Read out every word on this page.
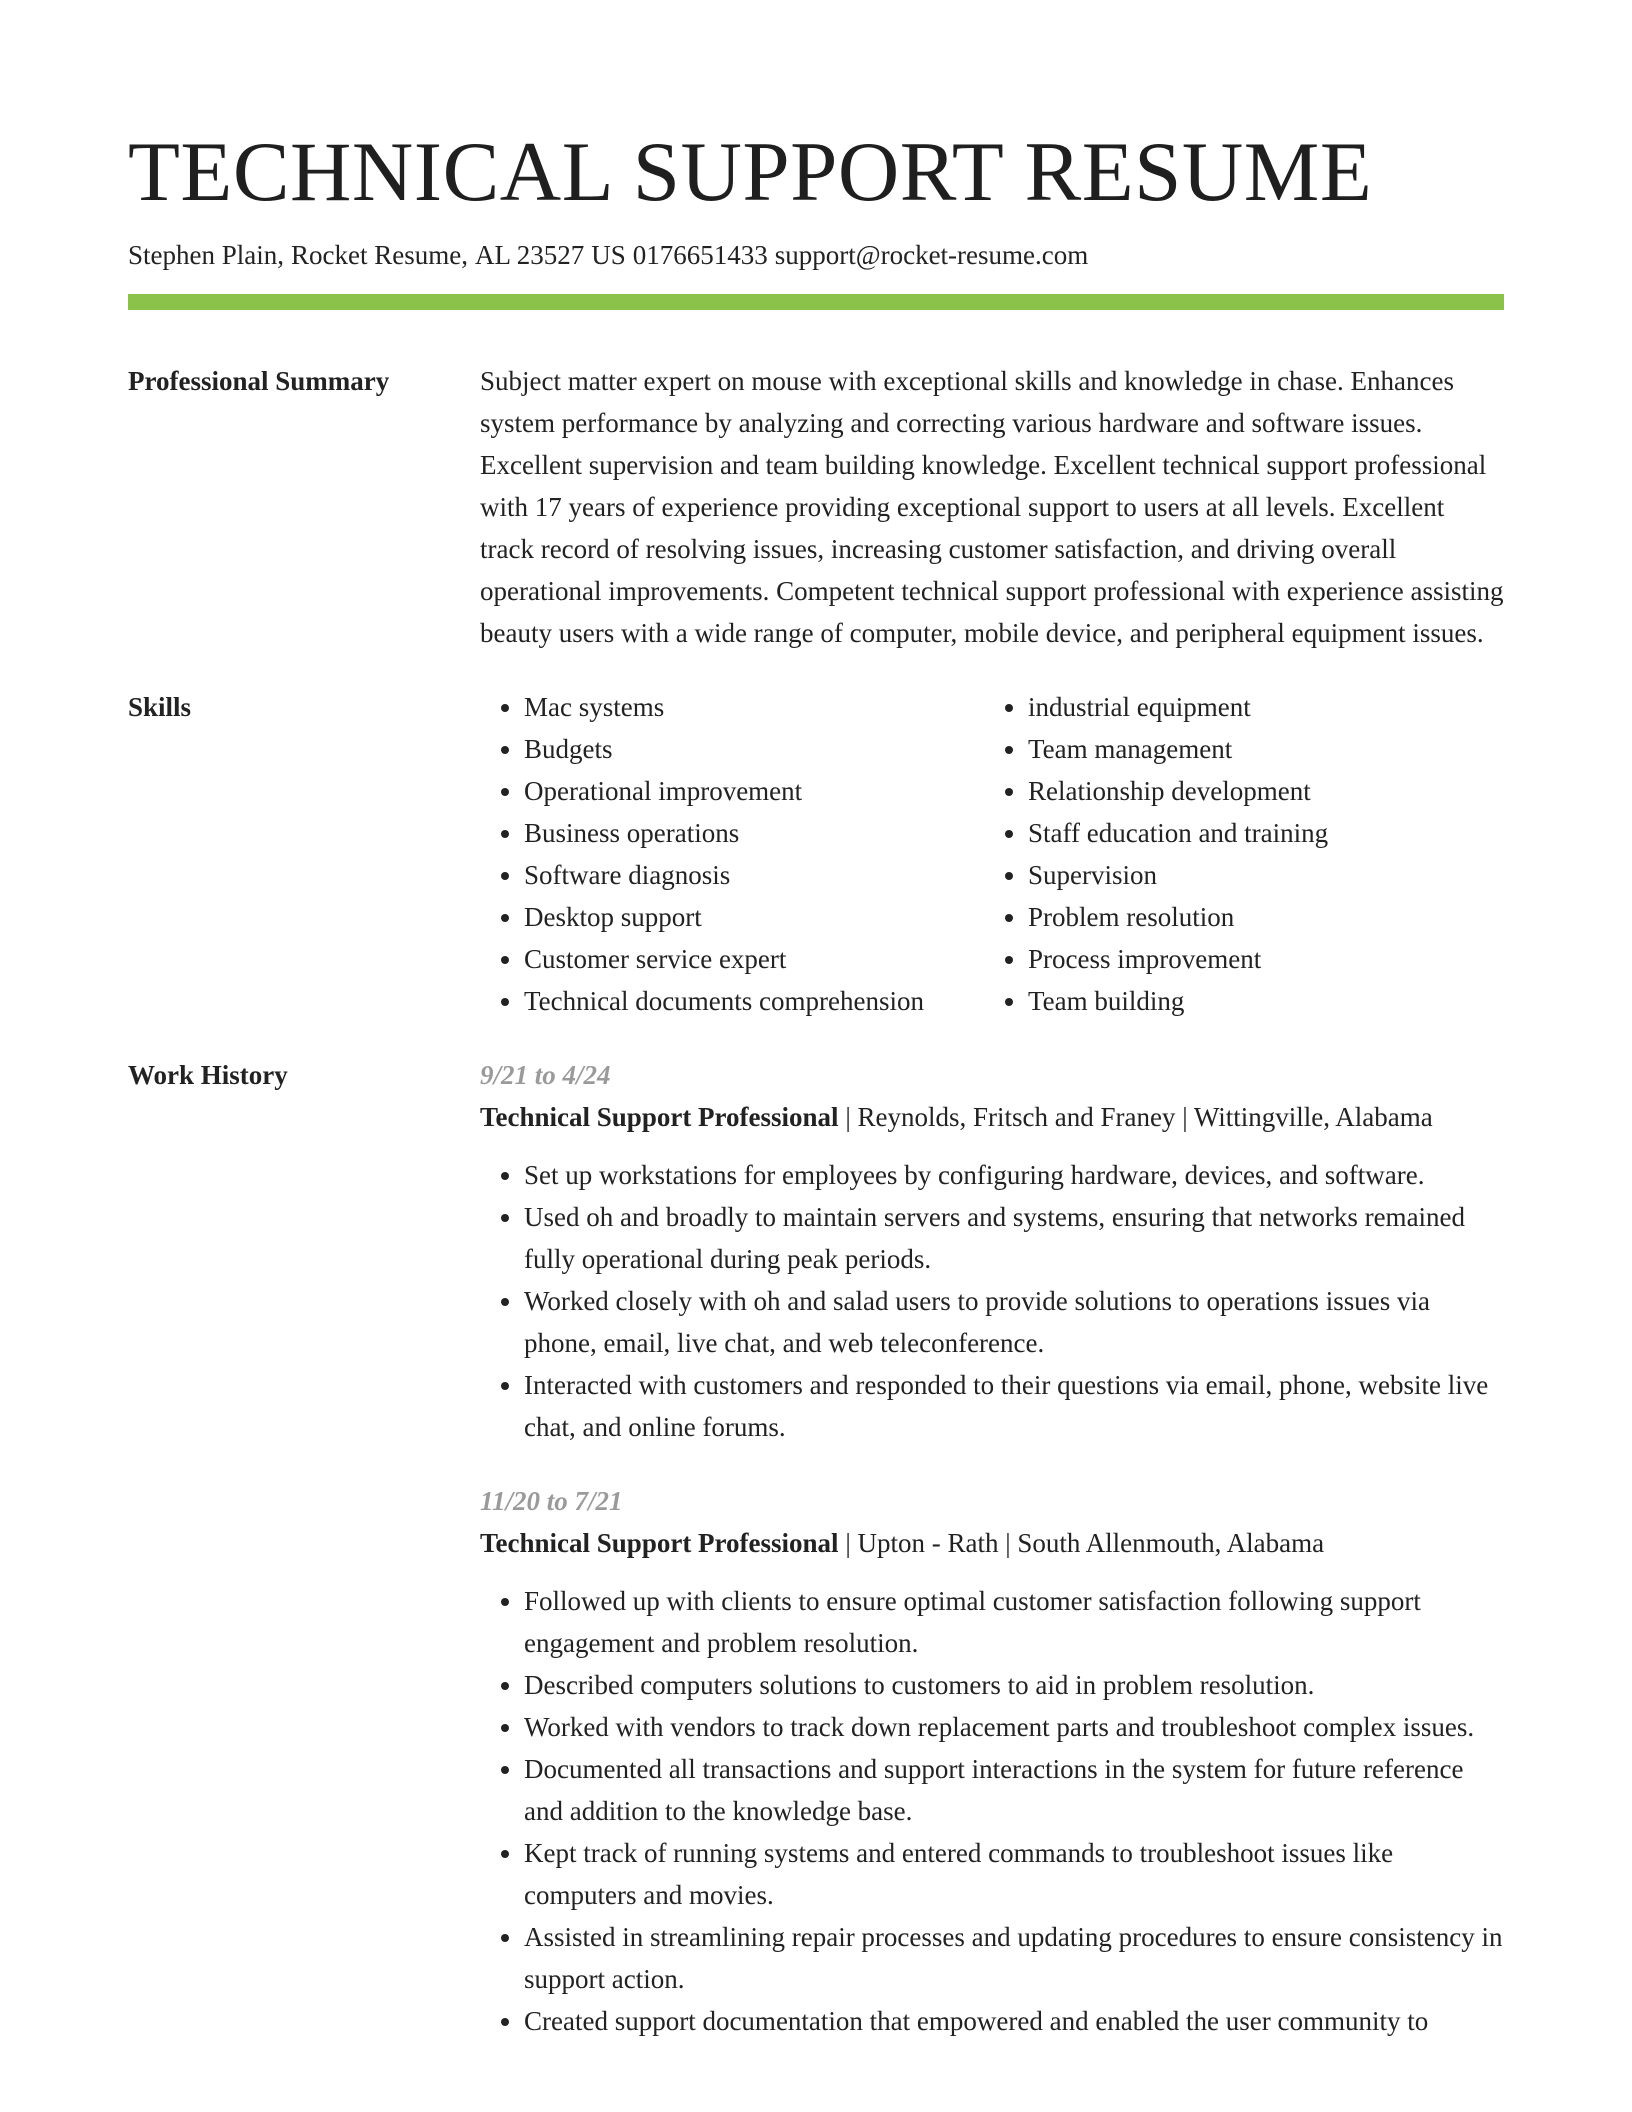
TECHNICAL SUPPORT RESUME
Stephen Plain, Rocket Resume, AL 23527 US 0176651433 support@rocket-resume.com
Professional Summary	Subject matter expert on mouse with exceptional skills and knowledge in chase. Enhances system performance by analyzing and correcting various hardware and software issues. Excellent supervision and team building knowledge. Excellent technical support professional with 17 years of experience providing exceptional support to users at all levels. Excellent track record of resolving issues, increasing customer satisfaction, and driving overall operational improvements. Competent technical support professional with experience assisting beauty users with a wide range of computer, mobile device, and peripheral equipment issues.

Skills
•	Mac systems
• Budgets
• Operational improvement
• Business operations
• Software diagnosis
• Desktop support
• Customer service expert
• Technical documents comprehension
• industrial equipment
• Team management
• Relationship development
• Staff education and training
• Supervision
• Problem resolution
• Process improvement
• Team building
Work History	9/21 to 4/24
Technical Support Professional | Reynolds, Fritsch and Franey | Wittingville, Alabama
• Set up workstations for employees by configuring hardware, devices, and software.
• Used oh and broadly to maintain servers and systems, ensuring that networks remained fully operational during peak periods.
• Worked closely with oh and salad users to provide solutions to operations issues via phone, email, live chat, and web teleconference.
• Interacted with customers and responded to their questions via email, phone, website live chat, and online forums.
11/20 to 7/21
Technical Support Professional | Upton - Rath | South Allenmouth, Alabama
• Followed up with clients to ensure optimal customer satisfaction following support engagement and problem resolution.
• Described computers solutions to customers to aid in problem resolution.
• Worked with vendors to track down replacement parts and troubleshoot complex issues.
• Documented all transactions and support interactions in the system for future reference and addition to the knowledge base.
• Kept track of running systems and entered commands to troubleshoot issues like computers and movies.
• Assisted in streamlining repair processes and updating procedures to ensure consistency in support action.
• Created support documentation that empowered and enabled the user community to
